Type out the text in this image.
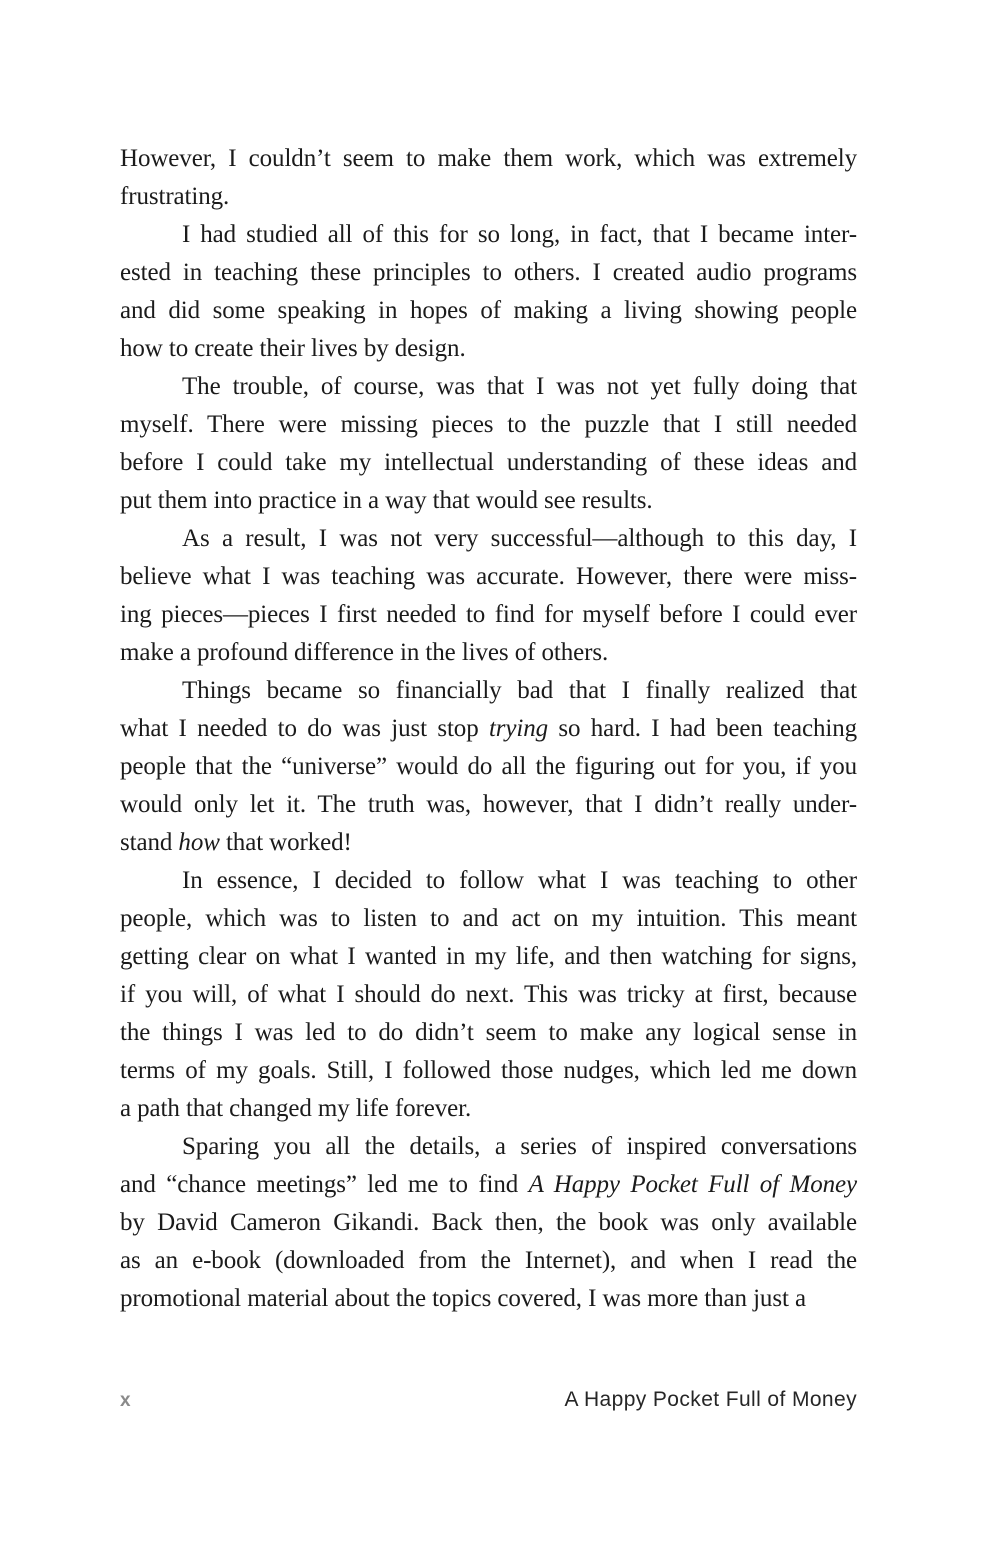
However, I couldn’t seem to make them work, which was extremely
frustrating.
I had studied all of this for so long, in fact, that I became inter-
ested in teaching these principles to others. I created audio programs
and did some speaking in hopes of making a living showing people
how to create their lives by design.
The trouble, of course, was that I was not yet fully doing that
myself. There were missing pieces to the puzzle that I still needed
before I could take my intellectual understanding of these ideas and
put them into practice in a way that would see results.
As a result, I was not very successful—although to this day, I
believe what I was teaching was accurate. However, there were miss-
ing pieces—pieces I first needed to find for myself before I could ever
make a profound difference in the lives of others.
Things became so financially bad that I finally realized that
what I needed to do was just stop trying so hard. I had been teaching
people that the “universe” would do all the figuring out for you, if you
would only let it. The truth was, however, that I didn’t really under-
stand how that worked!
In essence, I decided to follow what I was teaching to other
people, which was to listen to and act on my intuition. This meant
getting clear on what I wanted in my life, and then watching for signs,
if you will, of what I should do next. This was tricky at first, because
the things I was led to do didn’t seem to make any logical sense in
terms of my goals. Still, I followed those nudges, which led me down
a path that changed my life forever.
Sparing you all the details, a series of inspired conversations
and “chance meetings” led me to find A Happy Pocket Full of Money
by David Cameron Gikandi. Back then, the book was only available
as an e-book (downloaded from the Internet), and when I read the
promotional material about the topics covered, I was more than just a
x	A Happy Pocket Full of Money
